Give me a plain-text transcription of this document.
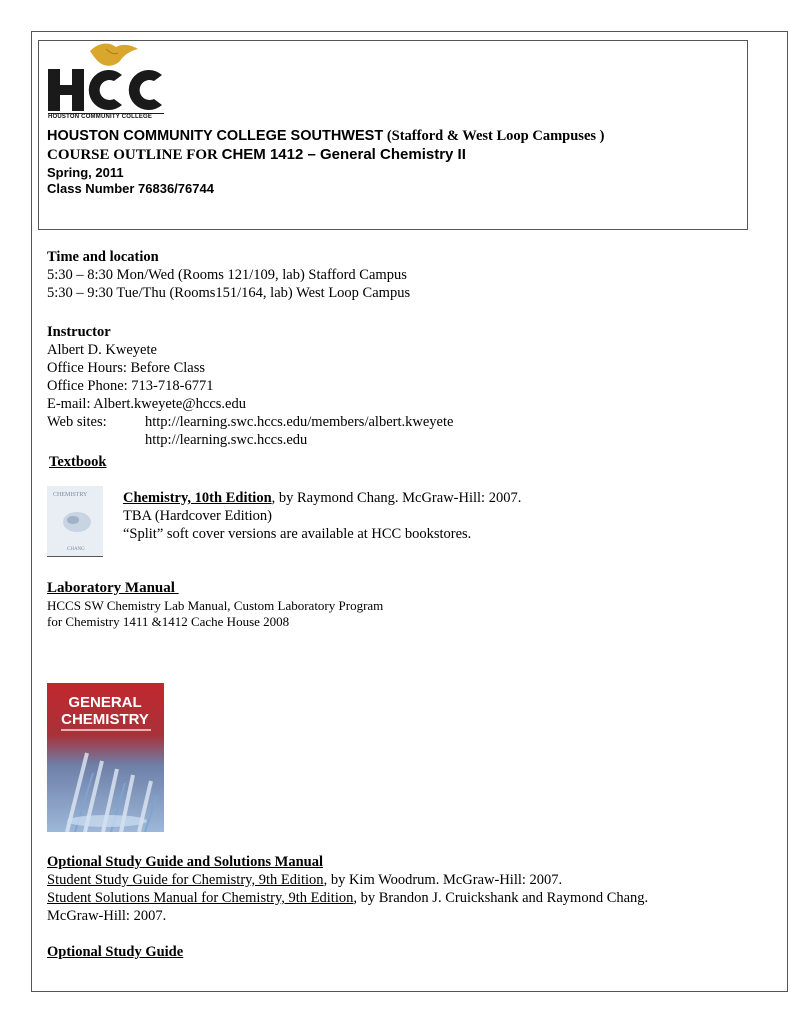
HOUSTON COMMUNITY COLLEGE
HOUSTON COMMUNITY COLLEGE SOUTHWEST (Stafford & West Loop Campuses )
COURSE OUTLINE FOR CHEM 1412 – General Chemistry II
Spring, 2011
Class Number 76836/76744
Time and location
5:30 – 8:30 Mon/Wed (Rooms 121/109, lab) Stafford Campus
5:30 – 9:30 Tue/Thu (Rooms151/164, lab) West Loop Campus
Instructor
Albert D. Kweyete
Office Hours: Before Class
Office Phone: 713-718-6771
E-mail: Albert.kweyete@hccs.edu
Web sites:	http://learning.swc.hccs.edu/members/albert.kweyete
http://learning.swc.hccs.edu
Textbook
CHEMISTRY
CHANG
Chemistry, 10th Edition, by Raymond Chang. McGraw-Hill: 2007.
TBA (Hardcover Edition)
“Split” soft cover versions are available at HCC bookstores.
Laboratory Manual
HCCS SW Chemistry Lab Manual, Custom Laboratory Program
for Chemistry 1411 &1412 Cache House 2008
GENERAL
CHEMISTRY
Optional Study Guide and Solutions Manual
Student Study Guide for Chemistry, 9th Edition, by Kim Woodrum. McGraw-Hill: 2007.
Student Solutions Manual for Chemistry, 9th Edition, by Brandon J. Cruickshank and Raymond Chang.
McGraw-Hill: 2007.
Optional Study Guide
